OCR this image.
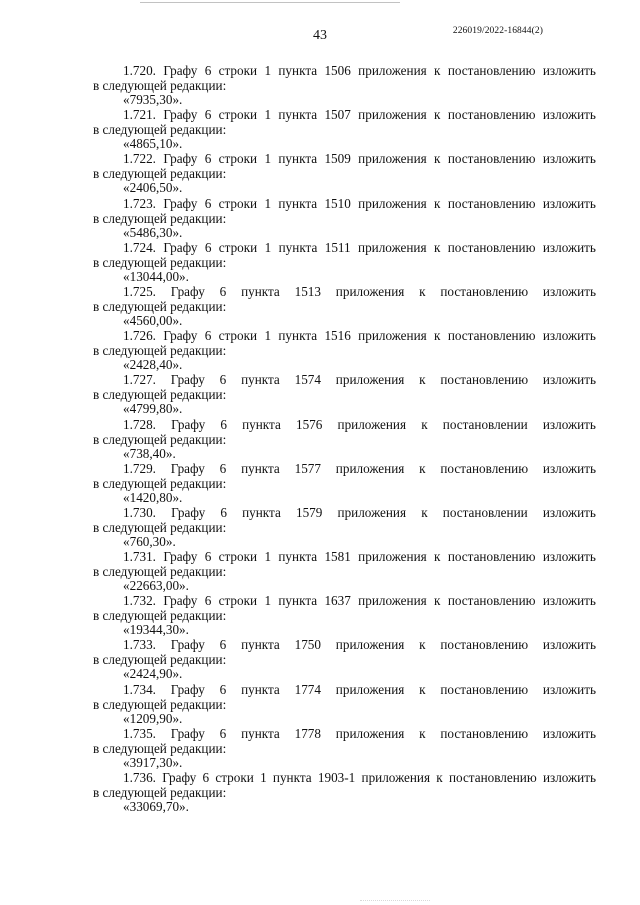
43	226019/2022-16844(2)
1.720. Графу 6 строки 1 пункта 1506 приложения к постановлению изложить
в следующей редакции:
«7935,30».
1.721. Графу 6 строки 1 пункта 1507 приложения к постановлению изложить
в следующей редакции:
«4865,10».
1.722. Графу 6 строки 1 пункта 1509 приложения к постановлению изложить
в следующей редакции:
«2406,50».
1.723. Графу 6 строки 1 пункта 1510 приложения к постановлению изложить
в следующей редакции:
«5486,30».
1.724. Графу 6 строки 1 пункта 1511 приложения к постановлению изложить
в следующей редакции:
«13044,00».
1.725. Графу 6 пункта 1513 приложения к постановлению изложить
в следующей редакции:
«4560,00».
1.726. Графу 6 строки 1 пункта 1516 приложения к постановлению изложить
в следующей редакции:
«2428,40».
1.727. Графу 6 пункта 1574 приложения к постановлению изложить
в следующей редакции:
«4799,80».
1.728. Графу 6 пункта 1576 приложения к постановлении изложить
в следующей редакции:
«738,40».
1.729. Графу 6 пункта 1577 приложения к постановлению изложить
в следующей редакции:
«1420,80».
1.730. Графу 6 пункта 1579 приложения к постановлении изложить
в следующей редакции:
«760,30».
1.731. Графу 6 строки 1 пункта 1581 приложения к постановлению изложить
в следующей редакции:
«22663,00».
1.732. Графу 6 строки 1 пункта 1637 приложения к постановлению изложить
в следующей редакции:
«19344,30».
1.733. Графу 6 пункта 1750 приложения к постановлению изложить
в следующей редакции:
«2424,90».
1.734. Графу 6 пункта 1774 приложения к постановлению изложить
в следующей редакции:
«1209,90».
1.735. Графу 6 пункта 1778 приложения к постановлению изложить
в следующей редакции:
«3917,30».
1.736. Графу 6 строки 1 пункта 1903-1 приложения к постановлению изложить
в следующей редакции:
«33069,70».
